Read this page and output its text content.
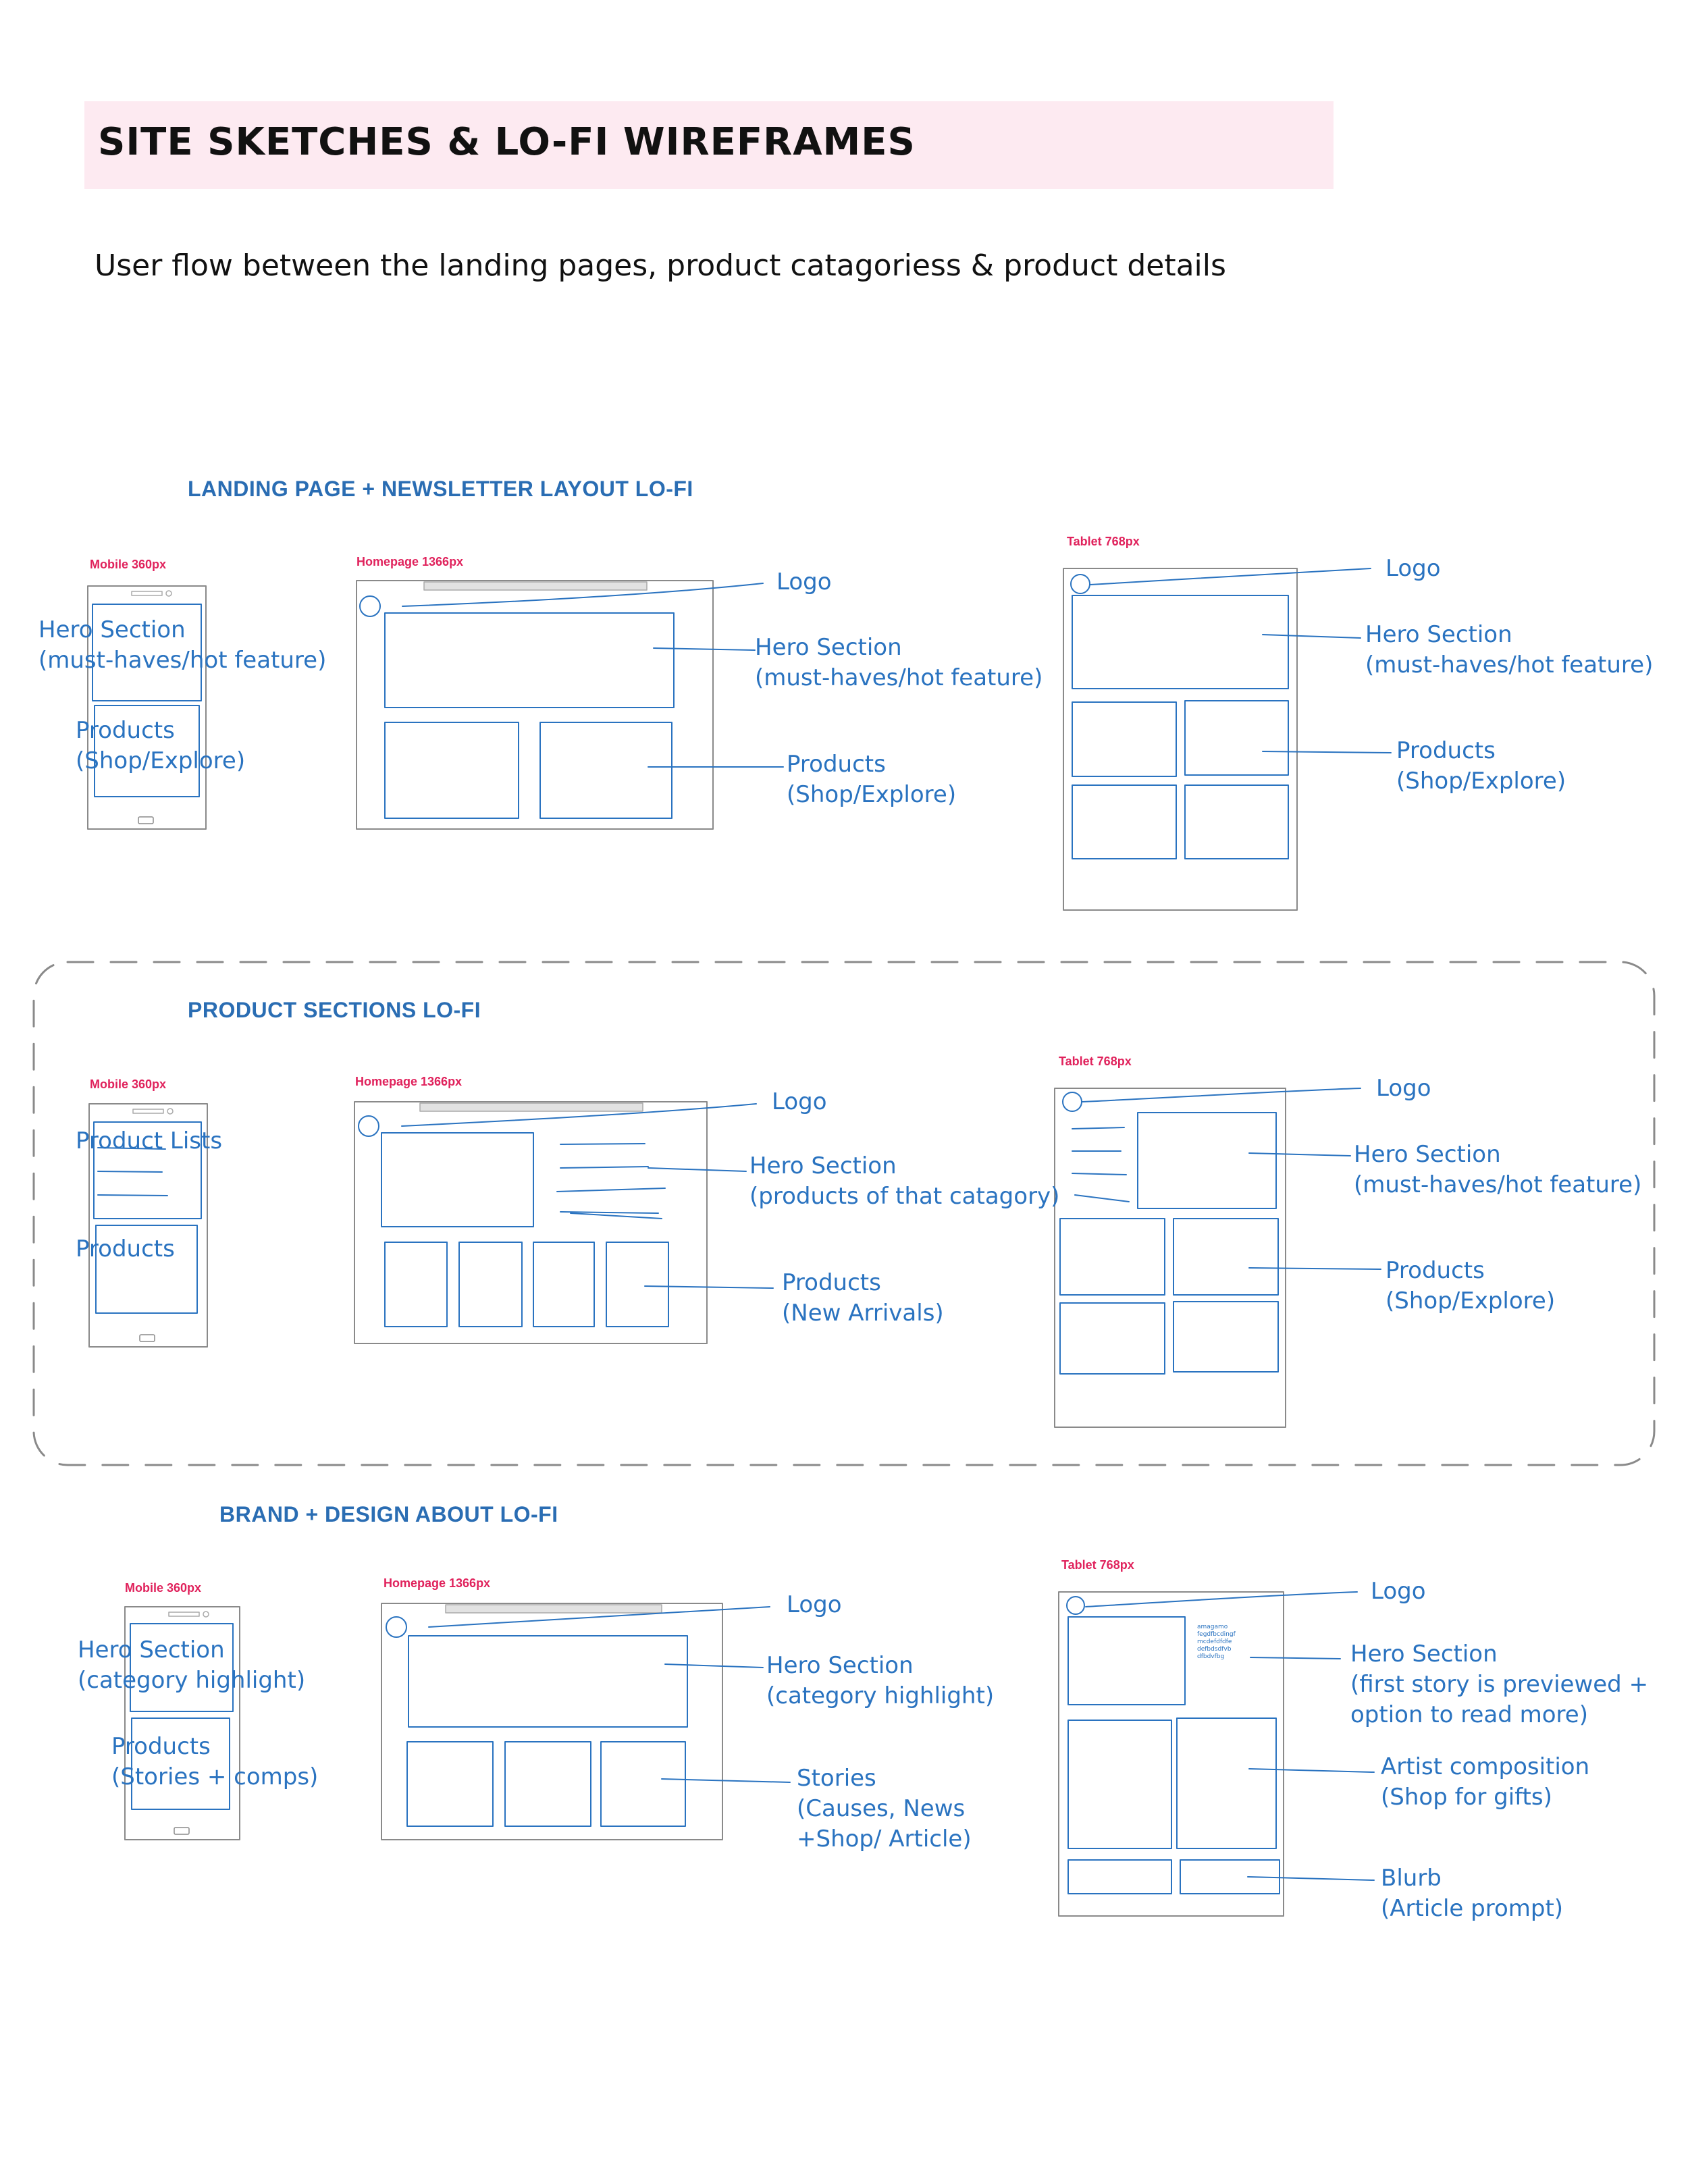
SITE SKETCHES & LO-FI WIREFRAMES
User flow between the landing pages, product catagoriess & product details
LANDING PAGE + NEWSLETTER LAYOUT LO-FI
Mobile 360px
Hero Section
(must-haves/hot feature)
Products
(Shop/Explore)
Homepage 1366px
Logo
Hero Section
(must-haves/hot feature)
Products
(Shop/Explore)
Tablet 768px
Logo
Hero Section
(must-haves/hot feature)
Products
(Shop/Explore)
PRODUCT SECTIONS LO-FI
Mobile 360px
Product Lists
Products
Homepage 1366px
Logo
Hero Section
(products of that catagory)
Products
(New Arrivals)
Tablet 768px
Logo
Hero Section
(must-haves/hot feature)
Products
(Shop/Explore)
BRAND + DESIGN ABOUT LO-FI
Mobile 360px
Hero Section
(category highlight)
Products
(Stories + comps)
Homepage 1366px
Logo
Hero Section
(category highlight)
Stories
(Causes, News
+Shop/ Article)
Tablet 768px
Logo
amagamo
fegdfbcdingf
mcdefdfdfe
defbdsdfvb
dfbdvfbg	Hero Section
(first story is previewed +
option to read more)
Artist composition
(Shop for gifts)
Blurb
(Article prompt)
